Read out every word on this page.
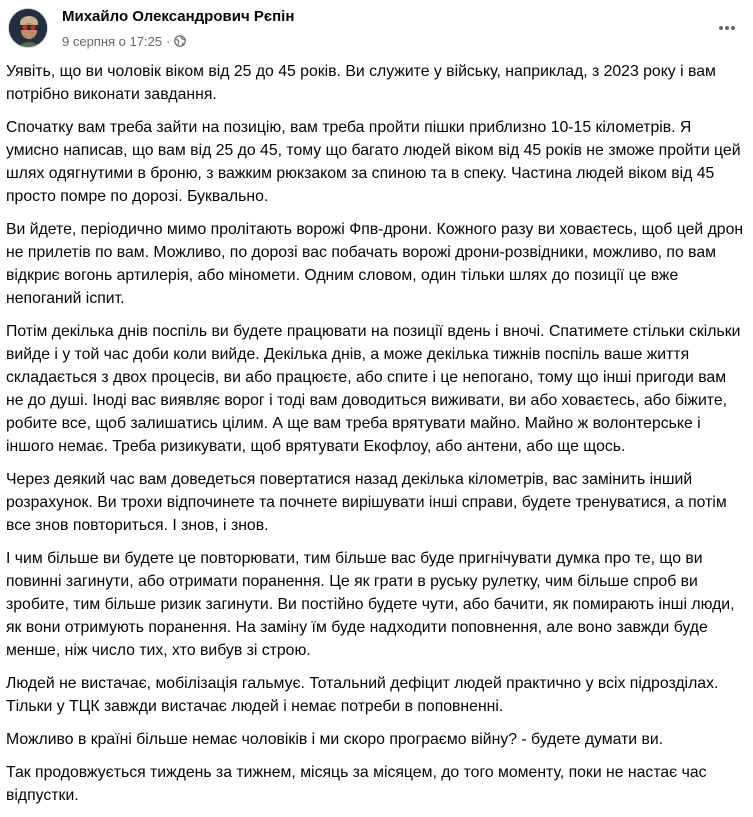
Михайло Олександрович Рєпін
9 серпня о 17:25 ·

Уявіть, що ви чоловік віком від 25 до 45 років. Ви служите у війську, наприклад, з 2023 року і вам потрібно виконати завдання.

Спочатку вам треба зайти на позицію, вам треба пройти пішки приблизно 10-15 кілометрів. Я умисно написав, що вам від 25 до 45, тому що багато людей віком від 45 років не зможе пройти цей шлях одягнутими в броню, з важким рюкзаком за спиною та в спеку. Частина людей віком від 45 просто помре по дорозі. Буквально.

Ви йдете, періодично мимо пролітають ворожі Фпв-дрони. Кожного разу ви ховаєтесь, щоб цей дрон не прилетів по вам. Можливо, по дорозі вас побачать ворожі дрони-розвідники, можливо, по вам відкриє вогонь артилерія, або міномети. Одним словом, один тільки шлях до позиції це вже непоганий іспит.

Потім декілька днів поспіль ви будете працювати на позиції вдень і вночі. Спатимете стільки скільки вийде і у той час доби коли вийде. Декілька днів, а може декілька тижнів поспіль ваше життя складається з двох процесів, ви або працюєте, або спите і це непогано, тому що інші пригоди вам не до душі. Іноді вас виявляє ворог і тоді вам доводиться виживати, ви або ховаєтесь, або біжите, робите все, щоб залишатись цілим. А ще вам треба врятувати майно. Майно ж волонтерське і іншого немає. Треба ризикувати, щоб врятувати Екофлоу, або антени, або ще щось.

Через деякий час вам доведеться повертатися назад декілька кілометрів, вас замінить інший розрахунок. Ви трохи відпочинете та почнете вирішувати інші справи, будете тренуватися, а потім все знов повториться. І знов, і знов.

І чим більше ви будете це повторювати, тим більше вас буде пригнічувати думка про те, що ви повинні загинути, або отримати поранення. Це як грати в руську рулетку, чим більше спроб ви зробите, тим більше ризик загинути. Ви постійно будете чути, або бачити, як помирають інші люди, як вони отримують поранення. На заміну їм буде надходити поповнення, але воно завжди буде менше, ніж число тих, хто вибув зі строю.

Людей не вистачає, мобілізація гальмує. Тотальний дефіцит людей практично у всіх підрозділах. Тільки у ТЦК завжди вистачає людей і немає потреби в поповненні.

Можливо в країні більше немає чоловіків і ми скоро програємо війну? - будете думати ви.

Так продовжується тиждень за тижнем, місяць за місяцем, до того моменту, поки не настає час відпустки.
